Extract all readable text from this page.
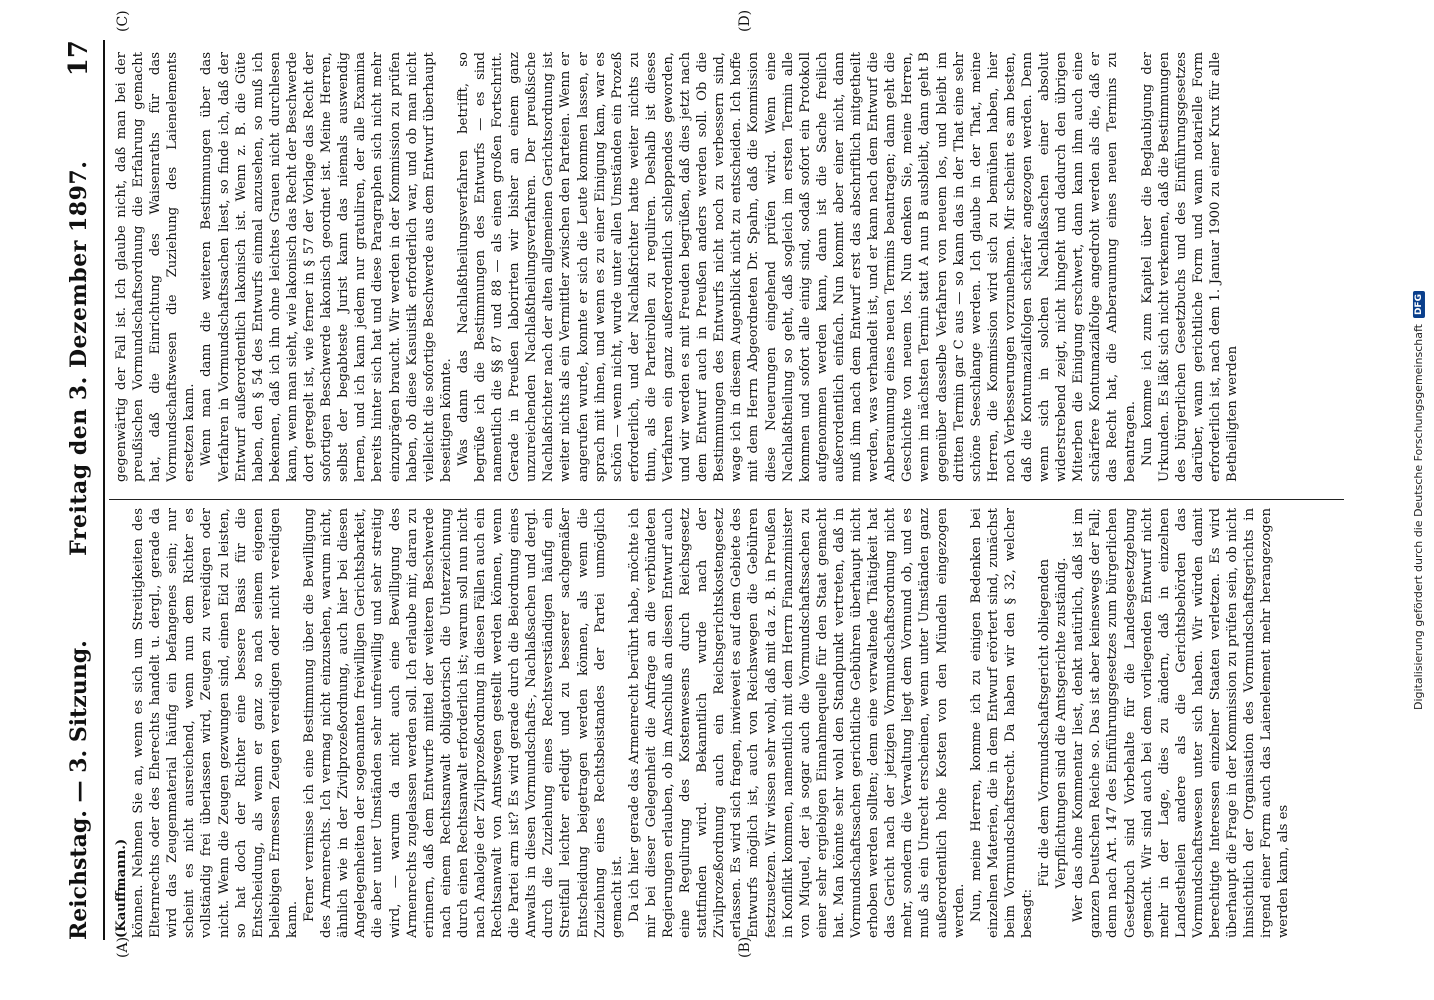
Reichstag. — 3. Sitzung.
Freitag den 3. Dezember 1897.
17
(A)	(B)
(C)	(D)

(Kauffmann.) können. Nehmen Sie an, wenn es sich um Streitigkeiten des Elternrechts oder des Eherechts handelt u. dergl., gerade da wird das Zeugenmaterial häufig ein befangenes sein; nur scheint es nicht ausreichend, wenn nun dem Richter es vollständig frei überlassen wird, Zeugen zu vereidigen oder nicht. Wenn die Zeugen gezwungen sind, einen Eid zu leisten, so hat doch der Richter eine bessere Basis für die Entscheidung, als wenn er ganz so nach seinem eigenen beliebigen Ermessen Zeugen vereidigen oder nicht vereidigen kann. Ferner vermisse ich eine Bestimmung über die Bewilligung des Armenrechts. Ich vermag nicht einzusehen, warum nicht, ähnlich wie in der Zivilprozeßordnung, auch hier bei diesen Angelegenheiten der sogenannten freiwilligen Gerichtsbarkeit, die aber unter Umständen sehr unfreiwillig und sehr streitig wird, — warum da nicht auch eine Bewilligung des Armenrechts zugelassen werden soll. Ich erlaube mir, daran zu erinnern, daß dem Entwurfe mittel der weiteren Beschwerde nach einem Rechtsanwalt obligatorisch die Unterzeichnung durch einen Rechtsanwalt erforderlich ist; warum soll nun nicht nach Analogie der Zivilprozeßordnung in diesen Fällen auch ein Rechtsanwalt von Amtswegen gestellt werden können, wenn die Partei arm ist? Es wird gerade durch die Beiordnung eines Anwalts in diesen Vormundschafts-, Nachlaßsachen und dergl. durch die Zuziehung eines Rechtsverständigen häufig ein Streitfall leichter erledigt und zu besserer sachgemäßer Entscheidung beigetragen werden können, als wenn die Zuziehung eines Rechtsbeistandes der Partei unmöglich gemacht ist. Da ich hier gerade das Armenrecht berührt habe, möchte ich mir bei dieser Gelegenheit die Anfrage an die verbündeten Regierungen erlauben, ob im Anschluß an diesen Entwurf auch eine Regulirung des Kostenwesens durch Reichsgesetz stattfinden wird. Bekanntlich wurde nach der Zivilprozeßordnung auch ein Reichsgerichtskostengesetz erlassen. Es wird sich fragen, inwieweit es auf dem Gebiete des Entwurfs möglich ist, auch von Reichswegen die Gebühren festzusetzen. Wir wissen sehr wohl, daß mit da z. B. in Preußen in Konflikt kommen, namentlich mit dem Herrn Finanzminister von Miquel, der ja sogar auch die Vormundschaftssachen zu einer sehr ergiebigen Einnahmequelle für den Staat gemacht hat. Man könnte sehr wohl den Standpunkt vertreten, daß in Vormundschaftssachen gerichtliche Gebühren überhaupt nicht erhoben werden sollten; denn eine verwaltende Thätigkeit hat das Gericht nach der jetzigen Vormundschaftsordnung nicht mehr, sondern die Verwaltung liegt dem Vormund ob, und es muß als ein Unrecht erscheinen, wenn unter Umständen ganz außerordentlich hohe Kosten von den Mündeln eingezogen werden. Nun, meine Herren, komme ich zu einigen Bedenken bei einzelnen Materien, die in dem Entwurf erörtert sind, zunächst beim Vormundschaftsrecht. Da haben wir den § 32, welcher besagt:

Für die dem Vormundschaftsgericht obliegenden Verpflichtungen sind die Amtsgerichte zuständig. Wer das ohne Kommentar liest, denkt natürlich, daß ist im ganzen Deutschen Reiche so. Das ist aber keineswegs der Fall; denn nach Art. 147 des Einführungsgesetzes zum bürgerlichen Gesetzbuch sind Vorbehalte für die Landesgesetzgebung gemacht. Wir sind auch bei dem vorliegenden Entwurf nicht mehr in der Lage, dies zu ändern, daß in einzelnen Landestheilen andere als die Gerichtsbehörden das Vormundschaftswesen unter sich haben. Wir würden damit berechtigte Interessen einzelner Staaten verletzen. Es wird überhaupt die Frage in der Kommission zu prüfen sein, ob nicht hinsichtlich der Organisation des Vormundschaftsgerichts in irgend einer Form auch das Laienelement mehr herangezogen werden kann, als es

gegenwärtig der Fall ist. Ich glaube nicht, daß man bei der preußischen Vormundschaftsordnung die Erfahrung gemacht hat, daß die Einrichtung des Waisenraths für das Vormundschaftswesen die Zuziehung des Laienelements ersetzen kann. Wenn man dann die weiteren Bestimmungen über das Verfahren in Vormundschaftssachen liest, so finde ich, daß der Entwurf außerordentlich lakonisch ist. Wenn z. B. die Güte haben, den § 54 des Entwurfs einmal anzusehen, so muß ich bekennen, daß ich ihn ohne leichtes Grauen nicht durchlesen kann, wenn man sieht, wie lakonisch das Recht der Beschwerde dort geregelt ist, wie ferner in § 57 der Vorlage das Recht der sofortigen Beschwerde lakonisch geordnet ist. Meine Herren, selbst der begabteste Jurist kann das niemals auswendig lernen, und ich kann jedem nur gratuliren, der alle Examina bereits hinter sich hat und diese Paragraphen sich nicht mehr einzuprägen braucht. Wir werden in der Kommission zu prüfen haben, ob diese Kasuistik erforderlich war, und ob man nicht vielleicht die sofortige Beschwerde aus dem Entwurf überhaupt beseitigen könnte. Was dann das Nachlaßtheilungsverfahren betrifft, so begrüße ich die Bestimmungen des Entwurfs — es sind namentlich die §§ 87 und 88 — als einen großen Fortschritt. Gerade in Preußen laborirten wir bisher an einem ganz unzureichenden Nachlaßtheilungsverfahren. Der preußische Nachlaßrichter nach der alten allgemeinen Gerichtsordnung ist weiter nichts als ein Vermittler zwischen den Parteien. Wenn er angerufen wurde, konnte er sich die Leute kommen lassen, er sprach mit ihnen, und wenn es zu einer Einigung kam, war es schön — wenn nicht, wurde unter allen Umständen ein Prozeß erforderlich, und der Nachlaßrichter hatte weiter nichts zu thun, als die Parteirollen zu reguliren. Deshalb ist dieses Verfahren ein ganz außerordentlich schleppendes geworden, und wir werden es mit Freuden begrüßen, daß dies jetzt nach dem Entwurf auch in Preußen anders werden soll. Ob die Bestimmungen des Entwurfs nicht noch zu verbessern sind, wage ich in diesem Augenblick nicht zu entscheiden. Ich hoffe mit dem Herrn Abgeordneten Dr. Spahn, daß die Kommission diese Neuerungen eingehend prüfen wird. Wenn eine Nachlaßtheilung so geht, daß sogleich im ersten Termin alle kommen und sofort alle einig sind, sodaß sofort ein Protokoll aufgenommen werden kann, dann ist die Sache freilich außerordentlich einfach. Nun kommt aber einer nicht, dann muß ihm nach dem Entwurf erst das abschriftlich mitgetheilt werden, was verhandelt ist, und er kann nach dem Entwurf die Anberaumung eines neuen Termins beantragen; dann geht die Geschichte von neuem los. Nun denken Sie, meine Herren, wenn im nächsten Termin statt A nun B ausbleibt, dann geht B gegenüber dasselbe Verfahren von neuem los, und bleibt im dritten Termin gar C aus — so kann das in der That eine sehr schöne Seeschlange werden. Ich glaube in der That, meine Herren, die Kommission wird sich zu bemühen haben, hier noch Verbesserungen vorzunehmen. Mir scheint es am besten, daß die Kontumazialfolgen schärfer angezogen werden. Denn wenn sich in solchen Nachlaßsachen einer absolut widerstrebend zeigt, nicht hingeht und dadurch den übrigen Miterben die Einigung erschwert, dann kann ihm auch eine schärfere Kontumazialfolge angedroht werden als die, daß er das Recht hat, die Anberaumung eines neuen Termins zu beantragen. Nun komme ich zum Kapitel über die Beglaubigung der Urkunden. Es läßt sich nicht verkennen, daß die Bestimmungen des bürgerlichen Gesetzbuchs und des Einführungsgesetzes darüber, wann gerichtliche Form und wann notarielle Form erforderlich ist, nach dem 1. Januar 1900 zu einer Krux für alle Betheiligten werden	Digitalisierung gefördert durch die Deutsche Forschungsgemeinschaft
DFG
